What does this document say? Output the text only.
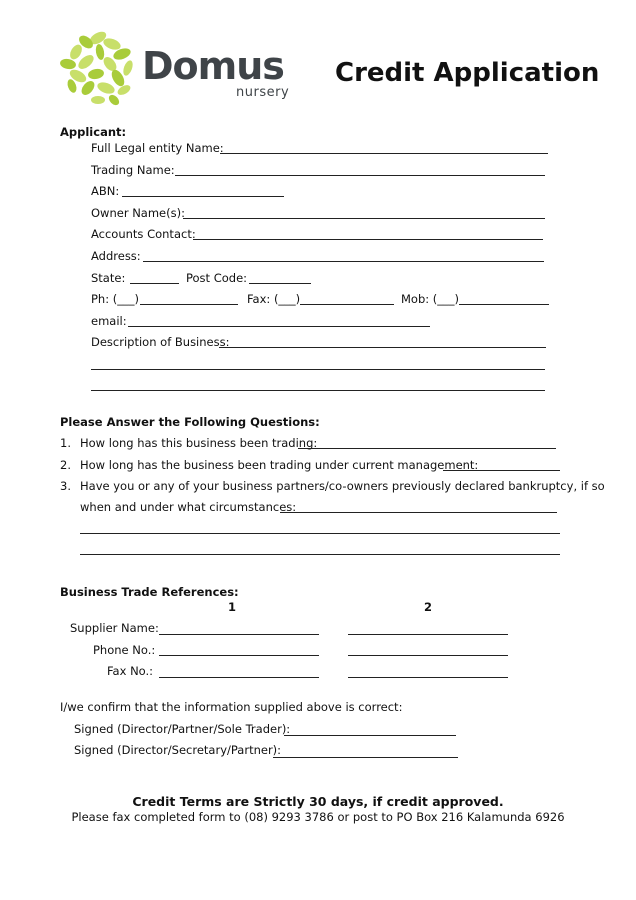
Domus
nursery
Credit Application
Applicant:
Full Legal entity Name:
Trading Name:
ABN:
Owner Name(s):
Accounts Contact:
Address:
State:	Post Code:
Ph: (___)	Fax: (___)	Mob: (___)
email:
Description of Business:
Please Answer the Following Questions:
1. How long has this business been trading:
2. How long has the business been trading under current management:
3. Have you or any of your business partners/co-owners previously declared bankruptcy, if so
when and under what circumstances:
Business Trade References:
1	2
Supplier Name:
Phone No.:
Fax No.:
I/we confirm that the information supplied above is correct:
Signed (Director/Partner/Sole Trader):
Signed (Director/Secretary/Partner):
Credit Terms are Strictly 30 days, if credit approved.
Please fax completed form to (08) 9293 3786 or post to PO Box 216 Kalamunda 6926
